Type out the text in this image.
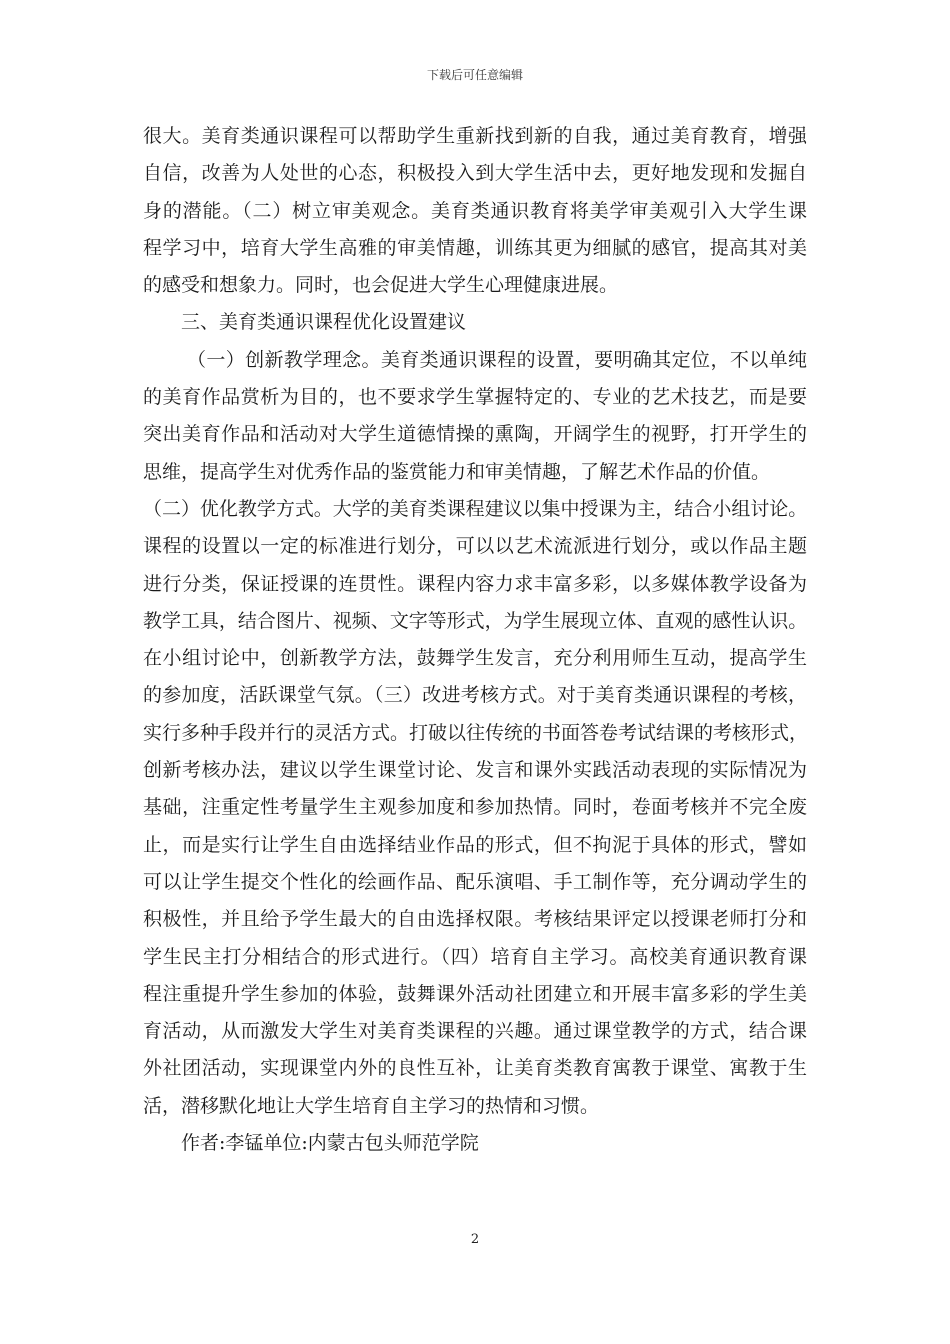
下载后可任意编辑
很大。美育类通识课程可以帮助学生重新找到新的自我，通过美育教育，增强
自信，改善为人处世的心态，积极投入到大学生活中去，更好地发现和发掘自
身的潜能。（二）树立审美观念。美育类通识教育将美学审美观引入大学生课
程学习中，培育大学生高雅的审美情趣，训练其更为细腻的感官，提高其对美
的感受和想象力。同时，也会促进大学生心理健康进展。
三、美育类通识课程优化设置建议
（一）创新教学理念。美育类通识课程的设置，要明确其定位，不以单纯
的美育作品赏析为目的，也不要求学生掌握特定的、专业的艺术技艺，而是要
突出美育作品和活动对大学生道德情操的熏陶，开阔学生的视野，打开学生的
思维，提高学生对优秀作品的鉴赏能力和审美情趣，了解艺术作品的价值。
（二）优化教学方式。大学的美育类课程建议以集中授课为主，结合小组讨论。
课程的设置以一定的标准进行划分，可以以艺术流派进行划分，或以作品主题
进行分类，保证授课的连贯性。课程内容力求丰富多彩，以多媒体教学设备为
教学工具，结合图片、视频、文字等形式，为学生展现立体、直观的感性认识。
在小组讨论中，创新教学方法，鼓舞学生发言，充分利用师生互动，提高学生
的参加度，活跃课堂气氛。（三）改进考核方式。对于美育类通识课程的考核，
实行多种手段并行的灵活方式。打破以往传统的书面答卷考试结课的考核形式，
创新考核办法，建议以学生课堂讨论、发言和课外实践活动表现的实际情况为
基础，注重定性考量学生主观参加度和参加热情。同时，卷面考核并不完全废
止，而是实行让学生自由选择结业作品的形式，但不拘泥于具体的形式，譬如
可以让学生提交个性化的绘画作品、配乐演唱、手工制作等，充分调动学生的
积极性，并且给予学生最大的自由选择权限。考核结果评定以授课老师打分和
学生民主打分相结合的形式进行。（四）培育自主学习。高校美育通识教育课
程注重提升学生参加的体验，鼓舞课外活动社团建立和开展丰富多彩的学生美
育活动，从而激发大学生对美育类课程的兴趣。通过课堂教学的方式，结合课
外社团活动，实现课堂内外的良性互补，让美育类教育寓教于课堂、寓教于生
活，潜移默化地让大学生培育自主学习的热情和习惯。
作者:李锰单位:内蒙古包头师范学院
2
